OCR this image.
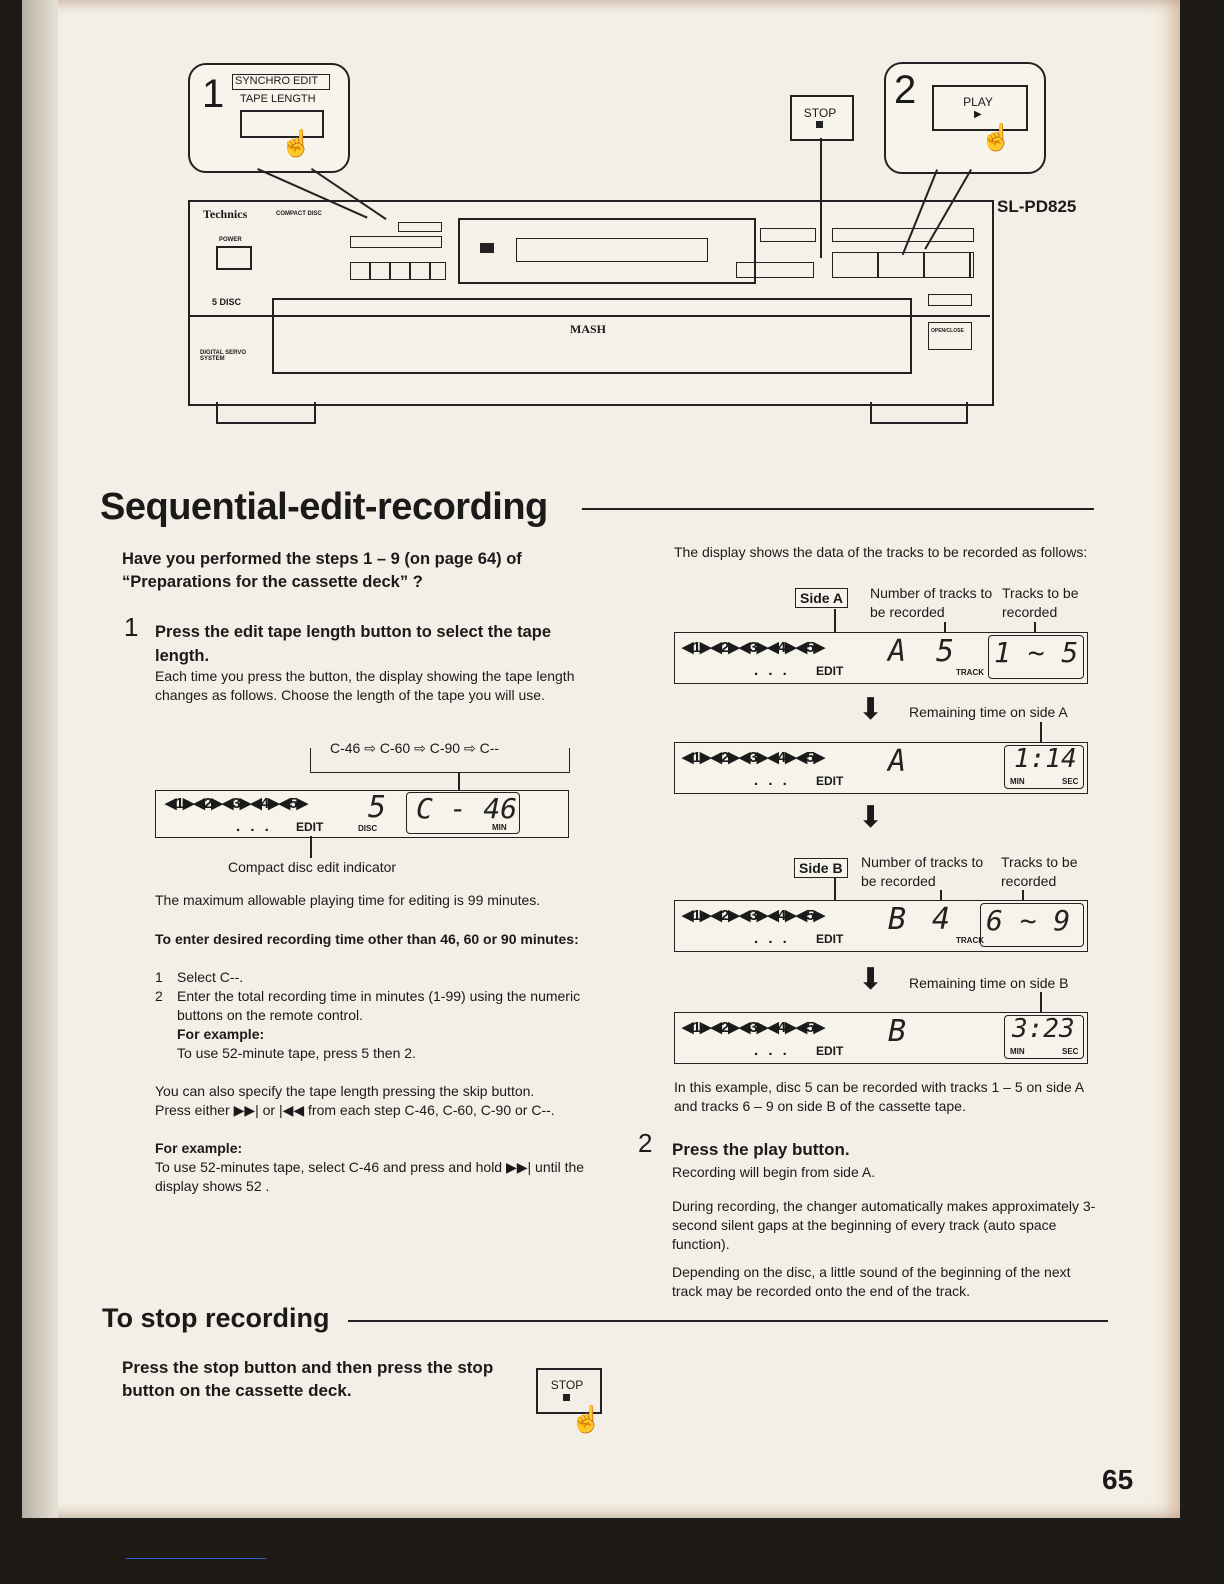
Technics	COMPACT DISC
POWER
5 DISC
DIGITAL SERVO SYSTEM
MASH	OPEN/CLOSE
SL-PD825
1 SYNCHRO EDIT
TAPE LENGTH
☝
STOP
2	PLAY
▶
☝
Sequential-edit-recording
Have you performed the steps 1 – 9 (on page 64) of “Preparations for the cassette deck” ?
1 Press the edit tape length button to select the tape length.
Each time you press the button, the display showing the tape length changes as follows. Choose the length of the tape you will use.
C-46 ⇨ C-60 ⇨ C-90 ⇨ C--
◀1▶◀2▶◀3▶◀4▶◀5▶
. . . EDIT
5
DISC
C - 46
MIN
Compact disc edit indicator
The maximum allowable playing time for editing is 99 minutes.
To enter desired recording time other than 46, 60 or 90 minutes:
1 Select C--.
2	Enter the total recording time in minutes (1-99) using the numeric buttons on the remote control.
For example:
To use 52-minute tape, press 5 then 2.
You can also specify the tape length pressing the skip button.
Press either ▶▶| or |◀◀ from each step C-46, C-60, C-90 or C--.
For example:
To use 52-minutes tape, select C-46 and press and hold ▶▶| until the display shows 52 .
The display shows the data of the tracks to be recorded as follows:
Side A	Number of tracks to be recorded
Tracks to be recorded
◀1▶◀2▶◀3▶◀4▶◀5▶
. . . EDIT
A 5
TRACK
1 ~ 5
⬇ Remaining time on side A
◀1▶◀2▶◀3▶◀4▶◀5▶
. . . EDIT
A	1:14
MIN	SEC
⬇
Side B	Number of tracks to be recorded
Tracks to be recorded
◀1▶◀2▶◀3▶◀4▶◀5▶
. . . EDIT
B 4
TRACK
6 ~ 9
⬇ Remaining time on side B
◀1▶◀2▶◀3▶◀4▶◀5▶
. . . EDIT
B	3:23
MIN	SEC
In this example, disc 5 can be recorded with tracks 1 – 5 on side A and tracks 6 – 9 on side B of the cassette tape.
2 Press the play button.
Recording will begin from side A.
During recording, the changer automatically makes approximately 3-second silent gaps at the beginning of every track (auto space function).
Depending on the disc, a little sound of the beginning of the next track may be recorded onto the end of the track.
To stop recording
Press the stop button and then press the stop button on the cassette deck.	STOP
☝
65
